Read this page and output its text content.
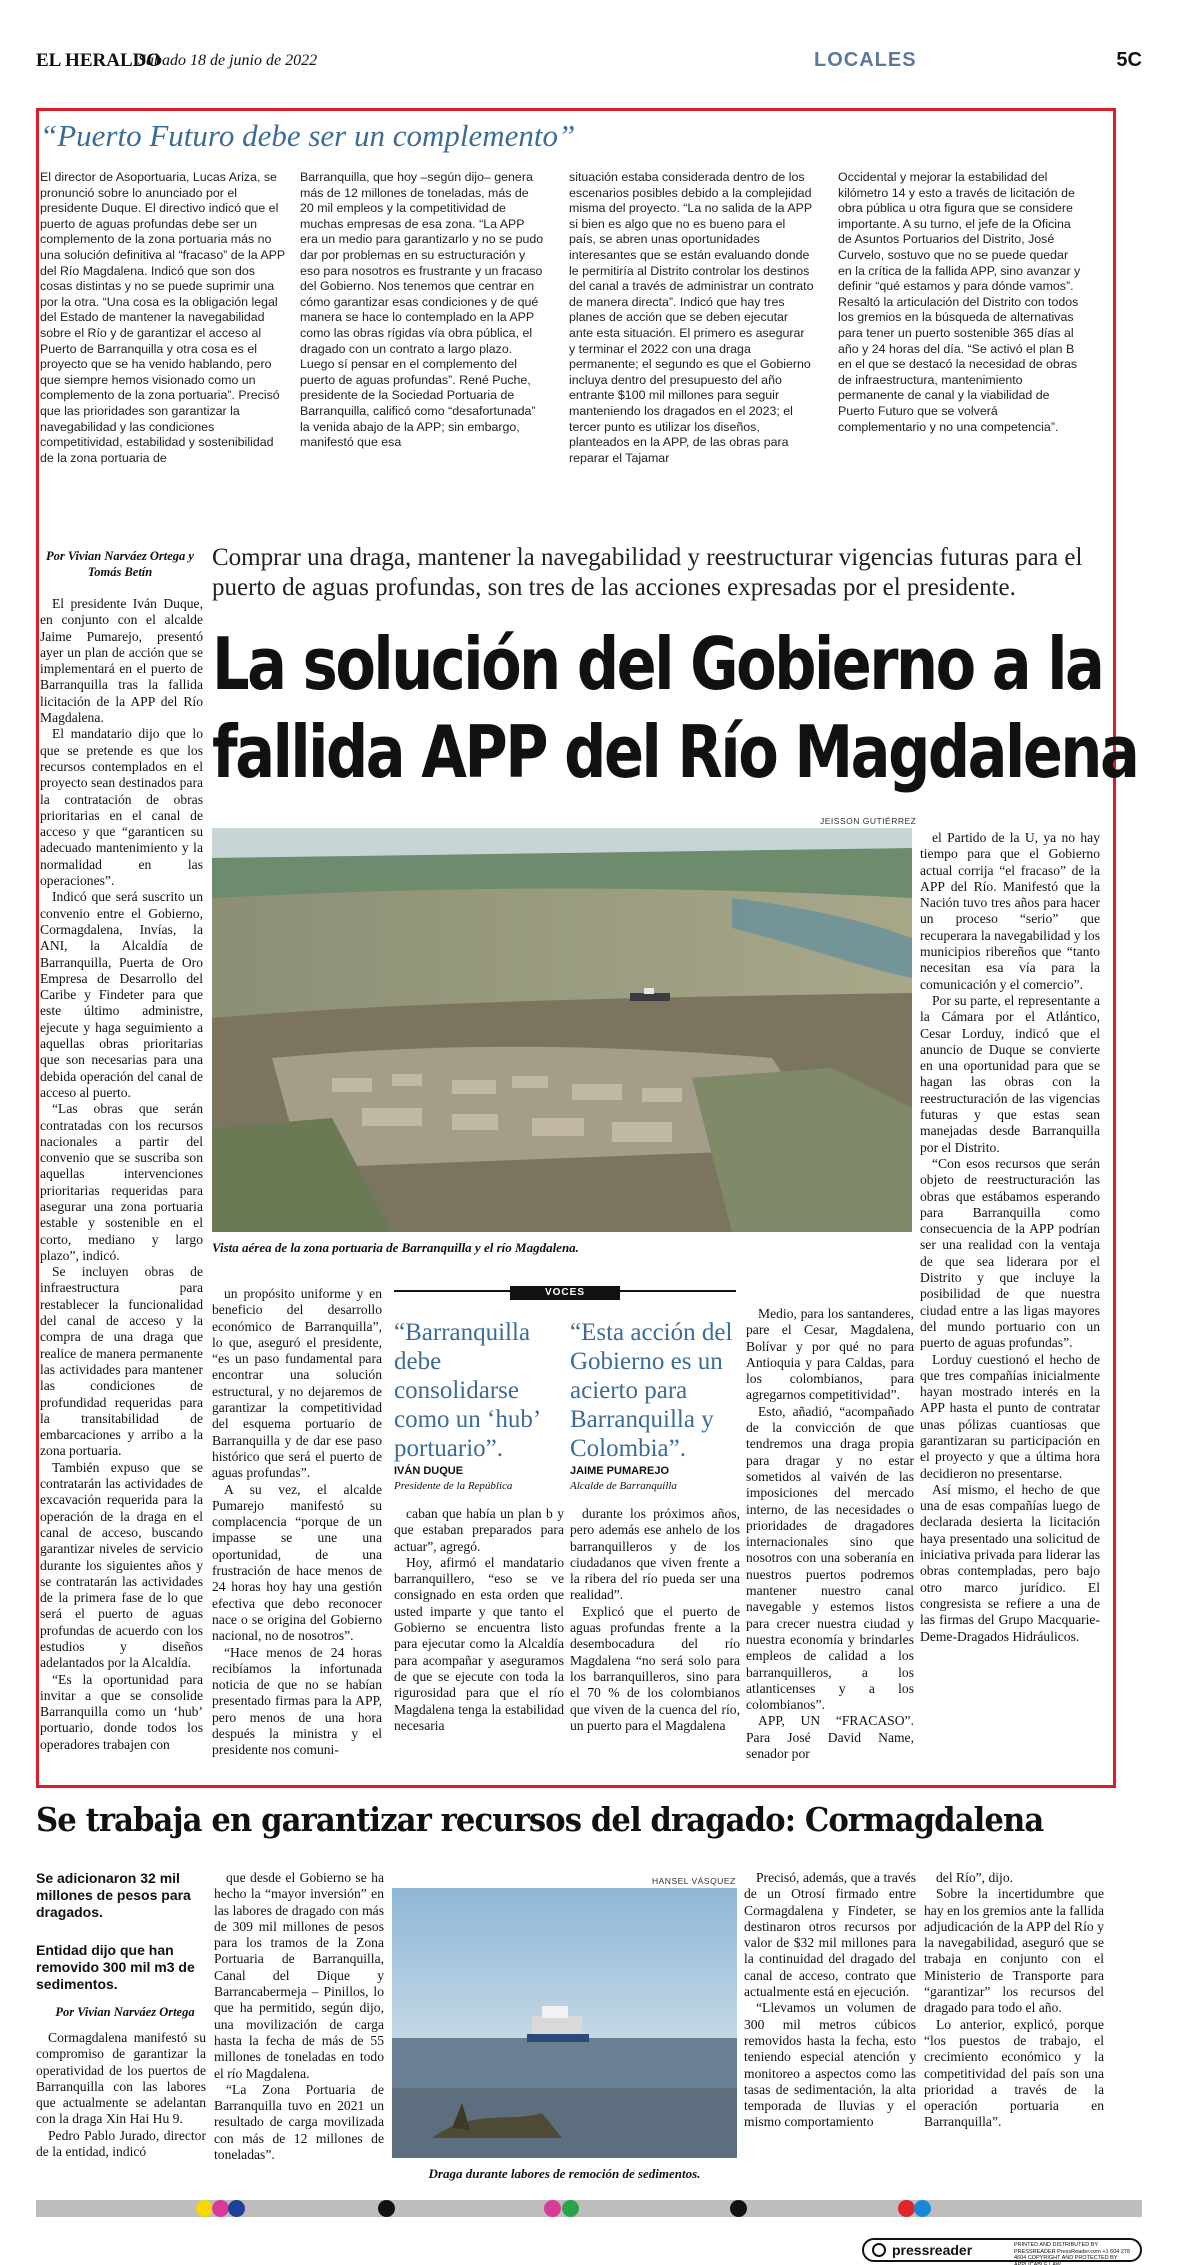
EL HERALDO
Sábado 18 de junio de 2022	LOCALES	5C
“Puerto Futuro debe ser un complemento”
El director de Asoportuaria, Lucas Ariza, se pronunció sobre lo anunciado por el presidente Duque. El directivo indicó que el puerto de aguas profundas debe ser un complemento de la zona portuaria más no una solución definitiva al “fracaso” de la APP del Río Magdalena. Indicó que son dos cosas distintas y no se puede suprimir una por la otra. “Una cosa es la obligación legal del Estado de mantener la navegabilidad sobre el Río y de garantizar el acceso al Puerto de Barranquilla y otra cosa es el proyecto que se ha venido hablando, pero que siempre hemos visionado como un complemento de la zona portuaria”. Precisó que las prioridades son garantizar la navegabilidad y las condiciones competitividad, estabilidad y sostenibilidad de la zona portuaria de
Barranquilla, que hoy –según dijo– genera más de 12 millones de toneladas, más de 20 mil empleos y la competitividad de muchas empresas de esa zona. “La APP era un medio para garantizarlo y no se pudo dar por problemas en su estructuración y eso para nosotros es frustrante y un fracaso del Gobierno. Nos tenemos que centrar en cómo garantizar esas condiciones y de qué manera se hace lo contemplado en la APP como las obras rígidas vía obra pública, el dragado con un contrato a largo plazo. Luego sí pensar en el complemento del puerto de aguas profundas”. René Puche, presidente de la Sociedad Portuaria de Barranquilla, calificó como “desafortunada” la venida abajo de la APP; sin embargo, manifestó que esa
situación estaba considerada dentro de los escenarios posibles debido a la complejidad misma del proyecto. “La no salida de la APP si bien es algo que no es bueno para el país, se abren unas oportunidades interesantes que se están evaluando donde le permitiría al Distrito controlar los destinos del canal a través de administrar un contrato de manera directa”. Indicó que hay tres planes de acción que se deben ejecutar ante esta situación. El primero es asegurar y terminar el 2022 con una draga permanente; el segundo es que el Gobierno incluya dentro del presupuesto del año entrante $100 mil millones para seguir manteniendo los dragados en el 2023; el tercer punto es utilizar los diseños, planteados en la APP, de las obras para reparar el Tajamar
Occidental y mejorar la estabilidad del kilómetro 14 y esto a través de licitación de obra pública u otra figura que se considere importante. A su turno, el jefe de la Oficina de Asuntos Portuarios del Distrito, José Curvelo, sostuvo que no se puede quedar en la crítica de la fallida APP, sino avanzar y definir “qué estamos y para dónde vamos”. Resaltó la articulación del Distrito con todos los gremios en la búsqueda de alternativas para tener un puerto sostenible 365 días al año y 24 horas del día. “Se activó el plan B en el que se destacó la necesidad de obras de infraestructura, mantenimiento permanente de canal y la viabilidad de Puerto Futuro que se volverá complementario y no una competencia”.
Por Vivian Narváez Ortega y Tomás Betín
Comprar una draga, mantener la navegabilidad y reestructurar vigencias futuras para el puerto de aguas profundas, son tres de las acciones expresadas por el presidente.
La solución del Gobierno a la
fallida APP del Río Magdalena

El presidente Iván Duque, en conjunto con el alcalde Jaime Pumarejo, presentó ayer un plan de acción que se implementará en el puerto de Barranquilla tras la fallida licitación de la APP del Río Magdalena.

El mandatario dijo que lo que se pretende es que los recursos contemplados en el proyecto sean destinados para la contratación de obras prioritarias en el canal de acceso y que “garanticen su adecuado mantenimiento y la normalidad en las operaciones”.

Indicó que será suscrito un convenio entre el Gobierno, Cormagdalena, Invías, la ANI, la Alcaldía de Barranquilla, Puerta de Oro Empresa de Desarrollo del Caribe y Findeter para que este último administre, ejecute y haga seguimiento a aquellas obras prioritarias que son necesarias para una debida operación del canal de acceso al puerto.

“Las obras que serán contratadas con los recursos nacionales a partir del convenio que se suscriba son aquellas intervenciones prioritarias requeridas para asegurar una zona portuaria estable y sostenible en el corto, mediano y largo plazo”, indicó.

Se incluyen obras de infraestructura para restablecer la funcionalidad del canal de acceso y la compra de una draga que realice de manera permanente las actividades para mantener las condiciones de profundidad requeridas para la transitabilidad de embarcaciones y arribo a la zona portuaria.

También expuso que se contratarán las actividades de excavación requerida para la operación de la draga en el canal de acceso, buscando garantizar niveles de servicio durante los siguientes años y se contratarán las actividades de la primera fase de lo que será el puerto de aguas profundas de acuerdo con los estudios y diseños adelantados por la Alcaldía.

“Es la oportunidad para invitar a que se consolide Barranquilla como un ‘hub’ portuario, donde todos los operadores trabajen con

JEISSON GUTIÉRREZ
Vista aérea de la zona portuaria de Barranquilla y el río Magdalena.

el Partido de la U, ya no hay tiempo para que el Gobierno actual corrija “el fracaso” de la APP del Río. Manifestó que la Nación tuvo tres años para hacer un proceso “serio” que recuperara la navegabilidad y los municipios ribereños que “tanto necesitan esa vía para la comunicación y el comercio”.

Por su parte, el representante a la Cámara por el Atlántico, Cesar Lorduy, indicó que el anuncio de Duque se convierte en una oportunidad para que se hagan las obras con la reestructuración de las vigencias futuras y que estas sean manejadas desde Barranquilla por el Distrito.

“Con esos recursos que serán objeto de reestructuración las obras que estábamos esperando para Barranquilla como consecuencia de la APP podrían ser una realidad con la ventaja de que sea liderara por el Distrito y que incluye la posibilidad de que nuestra ciudad entre a las ligas mayores del mundo portuario con un puerto de aguas profundas”.

Lorduy cuestionó el hecho de que tres compañías inicialmente hayan mostrado interés en la APP hasta el punto de contratar unas pólizas cuantiosas que garantizaran su participación en el proyecto y que a última hora decidieron no presentarse.

Así mismo, el hecho de que una de esas compañías luego de declarada desierta la licitación haya presentado una solicitud de iniciativa privada para liderar las obras contempladas, pero bajo otro marco jurídico. El congresista se refiere a una de las firmas del Grupo Macquarie-Deme-Dragados Hidráulicos.

un propósito uniforme y en beneficio del desarrollo económico de Barranquilla”, lo que, aseguró el presidente, “es un paso fundamental para encontrar una solución estructural, y no dejaremos de garantizar la competitividad del esquema portuario de Barranquilla y de dar ese paso histórico que será el puerto de aguas profundas”.

A su vez, el alcalde Pumarejo manifestó su complacencia “porque de un impasse se une una oportunidad, de una frustración de hace menos de 24 horas hoy hay una gestión efectiva que debo reconocer nace o se origina del Gobierno nacional, no de nosotros”.

“Hace menos de 24 horas recibíamos la infortunada noticia de que no se habían presentado firmas para la APP, pero menos de una hora después la ministra y el presidente nos comuni-

VOCES
“Barranquilla debe consolidarse como un ‘hub’ portuario”.
IVÁN DUQUE
Presidente de la República
“Esta acción del Gobierno es un acierto para Barranquilla y Colombia”.
JAIME PUMAREJO
Alcalde de Barranquilla

caban que había un plan b y que estaban preparados para actuar”, agregó.

Hoy, afirmó el mandatario barranquillero, “eso se ve consignado en esta orden que usted imparte y que tanto el Gobierno se encuentra listo para ejecutar como la Alcaldía para acompañar y aseguramos de que se ejecute con toda la rigurosidad para que el río Magdalena tenga la estabilidad necesaria

durante los próximos años, pero además ese anhelo de los barranquilleros y de los ciudadanos que viven frente a la ribera del río pueda ser una realidad”.

Explicó que el puerto de aguas profundas frente a la desembocadura del río Magdalena “no será solo para los barranquilleros, sino para el 70 % de los colombianos que viven de la cuenca del río, un puerto para el Magdalena

Medio, para los santanderes, pare el Cesar, Magdalena, Bolívar y por qué no para Antioquia y para Caldas, para los colombianos, para agregarnos competitividad”.

Esto, añadió, “acompañado de la convicción de que tendremos una draga propia para dragar y no estar sometidos al vaivén de las imposiciones del mercado interno, de las necesidades o prioridades de dragadores internacionales sino que nosotros con una soberanía en nuestros puertos podremos mantener nuestro canal navegable y estemos listos para crecer nuestra ciudad y nuestra economía y brindarles empleos de calidad a los barranquilleros, a los atlanticenses y a los colombianos”.

APP, UN “FRACASO”. Para José David Name, senador por

Se trabaja en garantizar recursos del dragado: Cormagdalena
Se adicionaron 32 mil millones de pesos para dragados.
Entidad dijo que han removido 300 mil m3 de sedimentos.
Por Vivian Narváez Ortega

Cormagdalena manifestó su compromiso de garantizar la operatividad de los puertos de Barranquilla con las labores que actualmente se adelantan con la draga Xin Hai Hu 9.

Pedro Pablo Jurado, director de la entidad, indicó

que desde el Gobierno se ha hecho la “mayor inversión” en las labores de dragado con más de 309 mil millones de pesos para los tramos de la Zona Portuaria de Barranquilla, Canal del Dique y Barrancabermeja – Pinillos, lo que ha permitido, según dijo, una movilización de carga hasta la fecha de más de 55 millones de toneladas en todo el río Magdalena.

“La Zona Portuaria de Barranquilla tuvo en 2021 un resultado de carga movilizada con más de 12 millones de toneladas”.

HANSEL VÁSQUEZ
Draga durante labores de remoción de sedimentos.

Precisó, además, que a través de un Otrosí firmado entre Cormagdalena y Findeter, se destinaron otros recursos por valor de $32 mil millones para la continuidad del dragado del canal de acceso, contrato que actualmente está en ejecución.

“Llevamos un volumen de 300 mil metros cúbicos removidos hasta la fecha, esto teniendo especial atención y monitoreo a aspectos como las tasas de sedimentación, la alta temporada de lluvias y el mismo comportamiento

del Río”, dijo.

Sobre la incertidumbre que hay en los gremios ante la fallida adjudicación de la APP del Río y la navegabilidad, aseguró que se trabaja en conjunto con el Ministerio de Transporte para “garantizar” los recursos del dragado para todo el año.

Lo anterior, explicó, porque “los puestos de trabajo, el crecimiento económico y la competitividad del país son una prioridad a través de la operación portuaria en Barranquilla”.

pressreader	PRINTED AND DISTRIBUTED BY PRESSREADER PressReader.com +1 604 278 4604 COPYRIGHT AND PROTECTED BY APPLICABLE LAW
